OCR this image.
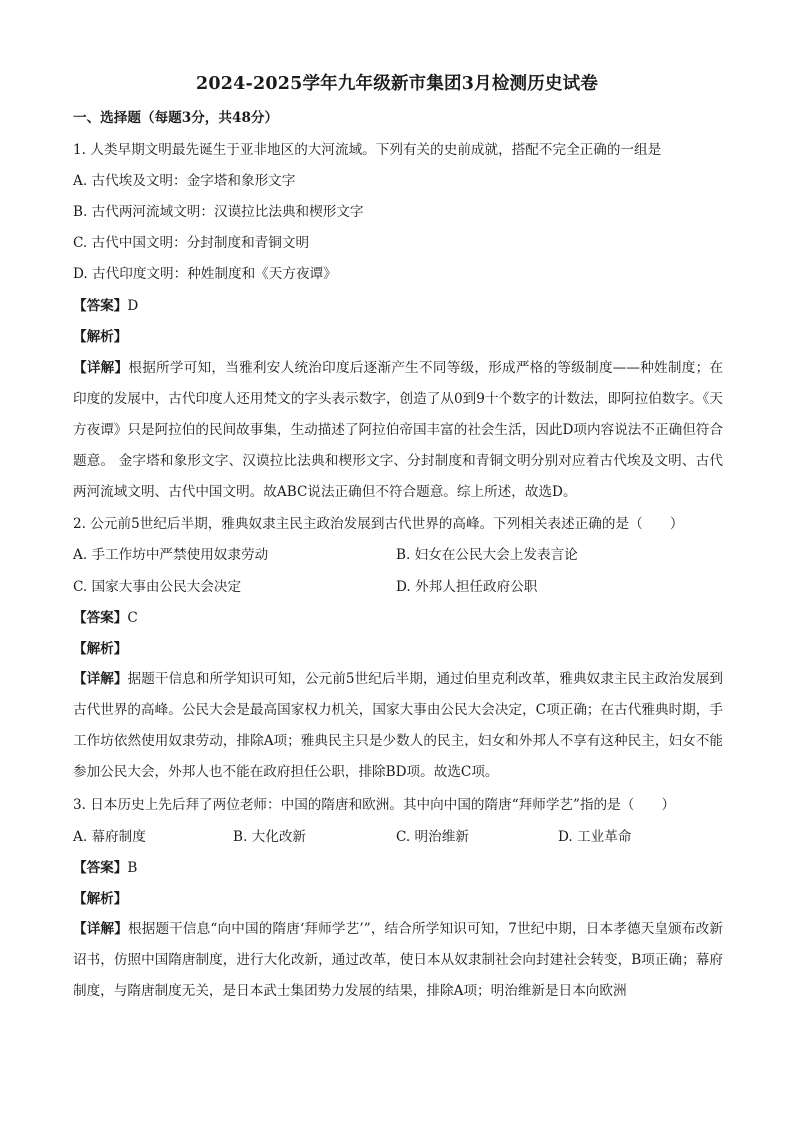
2024-2025学年九年级新市集团3月检测历史试卷
一、选择题（每题3分，共48分）
1. 人类早期文明最先诞生于亚非地区的大河流域。下列有关的史前成就，搭配不完全正确的一组是
A. 古代埃及文明：金字塔和象形文字
B. 古代两河流域文明：汉谟拉比法典和楔形文字
C. 古代中国文明：分封制度和青铜文明
D. 古代印度文明：种姓制度和《天方夜谭》
【答案】D
【解析】
【详解】根据所学可知，当雅利安人统治印度后逐渐产生不同等级，形成严格的等级制度——种姓制度；在印度的发展中，古代印度人还用梵文的字头表示数字，创造了从0到9十个数字的计数法，即阿拉伯数字。《天方夜谭》只是阿拉伯的民间故事集，生动描述了阿拉伯帝国丰富的社会生活，因此D项内容说法不正确但符合题意。 金字塔和象形文字、汉谟拉比法典和楔形文字、分封制度和青铜文明分别对应着古代埃及文明、古代两河流域文明、古代中国文明。故ABC说法正确但不符合题意。综上所述，故选D。
2. 公元前5世纪后半期，雅典奴隶主民主政治发展到古代世界的高峰。下列相关表述正确的是（　　）
A. 手工作坊中严禁使用奴隶劳动	B. 妇女在公民大会上发表言论
C. 国家大事由公民大会决定	D. 外邦人担任政府公职
【答案】C
【解析】
【详解】据题干信息和所学知识可知，公元前5世纪后半期，通过伯里克利改革，雅典奴隶主民主政治发展到古代世界的高峰。公民大会是最高国家权力机关，国家大事由公民大会决定，C项正确；在古代雅典时期，手工作坊依然使用奴隶劳动，排除A项；雅典民主只是少数人的民主，妇女和外邦人不享有这种民主，妇女不能参加公民大会，外邦人也不能在政府担任公职，排除BD项。故选C项。
3. 日本历史上先后拜了两位老师：中国的隋唐和欧洲。其中向中国的隋唐“拜师学艺”指的是（　　）
A. 幕府制度	B. 大化改新	C. 明治维新	D. 工业革命
【答案】B
【解析】
【详解】根据题干信息“向中国的隋唐‘拜师学艺’”，结合所学知识可知，7世纪中期，日本孝德天皇颁布改新诏书，仿照中国隋唐制度，进行大化改新，通过改革，使日本从奴隶制社会向封建社会转变，B项正确；幕府制度，与隋唐制度无关，是日本武士集团势力发展的结果，排除A项；明治维新是日本向欧洲
